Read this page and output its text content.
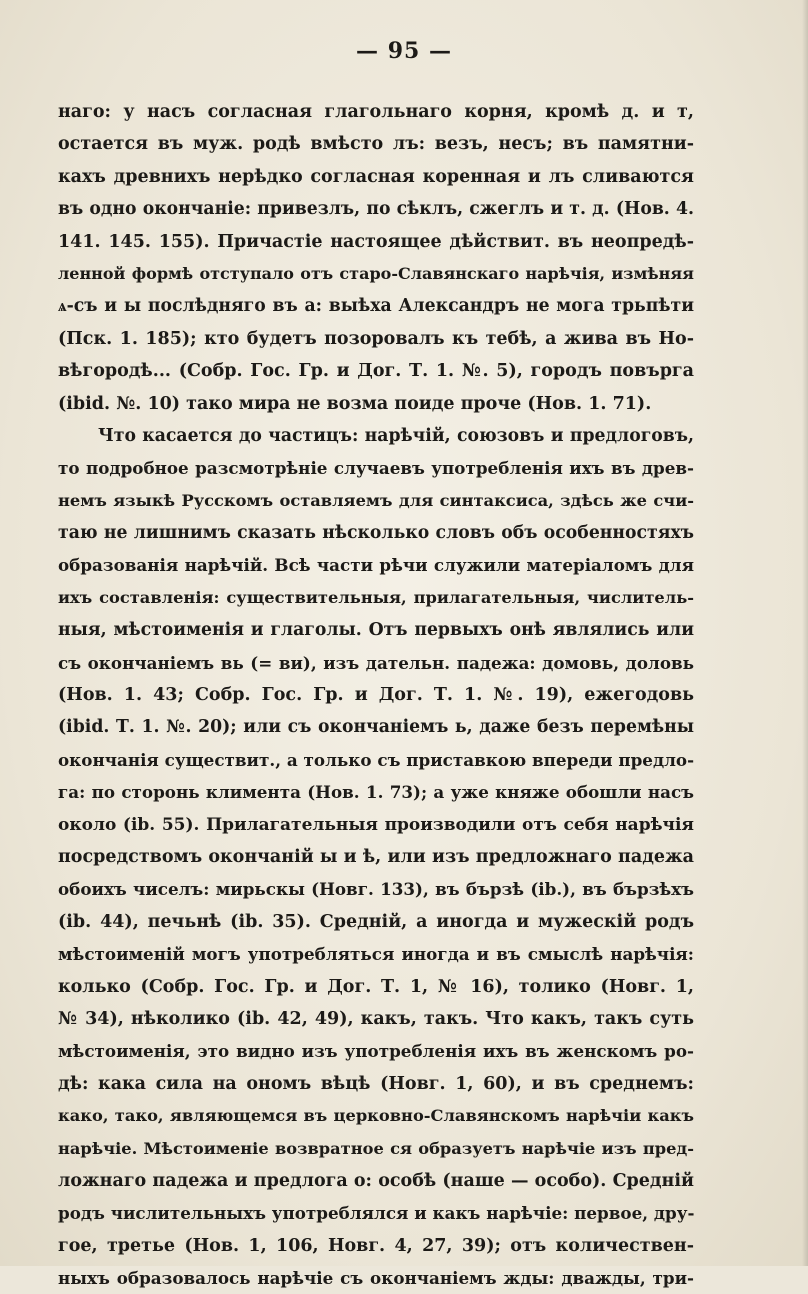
— 95 —
наго: у насъ согласная глагольнаго корня, кромѣ д. и т,
остается въ муж. родѣ вмѣсто лъ: везъ, несъ; въ памятни-
кахъ древнихъ нерѣдко согласная коренная и лъ сливаются
въ одно окончаніе: привезлъ, по сѣклъ, сжеглъ и т. д. (Нов. 4.
141. 145. 155). Причастіе настоящее дѣйствит. въ неопредѣ-
ленной формѣ отступало отъ старо-Славянскаго нарѣчія, измѣняя
ѧ-съ и ы послѣдняго въ а: выѣха Александръ не мога трьпѣти
(Пск. 1. 185); кто будетъ позоровалъ къ тебѣ, а жива въ Но-
вѣгородѣ... (Собр. Гос. Гр. и Дог. Т. 1. №. 5), городъ повърга
(ibid. №. 10) тако мира не возма поиде проче (Нов. 1. 71).
Что касается до частицъ: нарѣчій, союзовъ и предлоговъ,
то подробное разсмотрѣніе случаевъ употребленія ихъ въ древ-
немъ языкѣ Русскомъ оставляемъ для синтаксиса, здѣсь же счи-
таю не лишнимъ сказать нѣсколько словъ объ особенностяхъ
образованія нарѣчій. Всѣ части рѣчи служили матеріаломъ для
ихъ составленія: существительныя, прилагательныя, числитель-
ныя, мѣстоименія и глаголы. Отъ первыхъ онѣ являлись или
съ окончаніемъ вь (= ви), изъ дательн. падежа: домовь, доловь
(Нов. 1. 43; Собр. Гос. Гр. и Дог. Т. 1. №. 19), ежегодовь
(ibid. Т. 1. №. 20); или съ окончаніемъ ь, даже безъ перемѣны
окончанія существит., а только съ приставкою впереди предло-
га: по сторонь климента (Нов. 1. 73); а уже княже обошли насъ
около (ib. 55). Прилагательныя производили отъ себя нарѣчія
посредствомъ окончаній ы и ѣ, или изъ предложнаго падежа
обоихъ чиселъ: мирьскы (Новг. 133), въ бързѣ (ib.), въ бързѣхъ
(ib. 44), печьнѣ (ib. 35). Средній, а иногда и мужескій родъ
мѣстоименій могъ употребляться иногда и въ смыслѣ нарѣчія:
колько (Собр. Гос. Гр. и Дог. Т. 1, № 16), толико (Новг. 1,
№ 34), нѣколико (ib. 42, 49), какъ, такъ. Что какъ, такъ суть
мѣстоименія, это видно изъ употребленія ихъ въ женскомъ ро-
дѣ: кака сила на ономъ вѣцѣ (Новг. 1, 60), и въ среднемъ:
како, тако, являющемся въ церковно-Славянскомъ нарѣчіи какъ
нарѣчіе. Мѣстоименіе возвратное ся образуетъ нарѣчіе изъ пред-
ложнаго падежа и предлога о: особѣ (наше — особо). Средній
родъ числительныхъ употреблялся и какъ нарѣчіе: первое, дру-
гое, третье (Нов. 1, 106, Новг. 4, 27, 39); отъ количествен-
ныхъ образовалось нарѣчіе съ окончаніемъ жды: дважды, три-
